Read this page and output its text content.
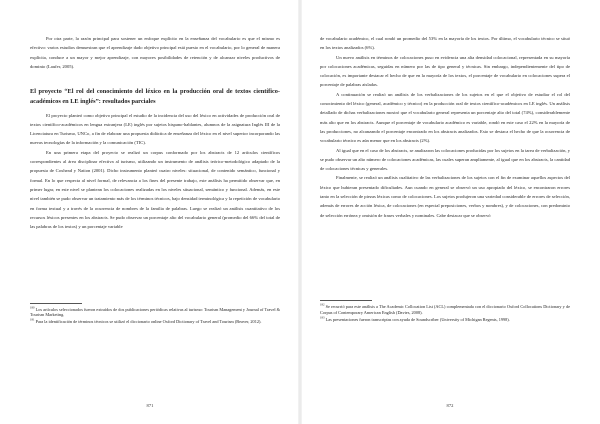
Por otra parte, la razón principal para sostener un enfoque explícito en la enseñanza del vocabulario es que el mismo es efectivo: varios estudios demuestran que el aprendizaje dado objetivo principal está puesto en el vocabulario, por lo general de manera explícita, conduce a un mayor y mejor aprendizaje, con mayores posibilidades de retención y de alcanzar niveles productivos de dominio (Laufer, 2005).

El proyecto “El rol del conocimiento del léxico en la producción oral de textos científico-académicos en LE inglés”: resultados parciales

El proyecto planteó como objetivo principal el estudio de la incidencia del uso del léxico en actividades de producción oral de textos científico-académicos en lengua extranjera (LE) inglés por sujetos hispano-hablantes, alumnos de la asignatura Inglés III de la Licenciatura en Turismo, UNCo, a fin de elaborar una propuesta didáctica de enseñanza del léxico en el nivel superior incorporando las nuevas tecnologías de la información y la comunicación (TIC).

En una primera etapa del proyecto se realizó un corpus conformado por los abstracts de 12 artículos científicos correspondientes al área disciplinar efectiva al turismo, utilizando un instrumento de análisis teórico-metodológico adaptado de la propuesta de Coxhead y Nation (2001). Dicho instrumento planteó cuatro niveles: situacional, de contenido semántico, funcional y formal. En lo que respecta al nivel formal, de relevancia a los fines del presente trabajo, este análisis ha permitido observar que, en primer lugar, en este nivel se plantean los colocaciones realizadas en los niveles situacional, semántico y funcional. Además, en este nivel también se pudo observar un tratamiento más de los términos técnicos, bajo densidad terminológica y la repetición de vocabulario en forma textual y a través de la ocurrencia de nombres de la familia de palabras. Luego se realizó un análisis cuantitativo de los recursos léxicos presentes en los abstracts. Se pudo observar un porcentaje alto del vocabulario general (promedio del 66% del total de las palabras de los textos) y un porcentaje variable

$^{180}$ Los artículos seleccionados fueron extraídos de dos publicaciones periódicas relativas al turismo: Tourism Management y Journal of Travel & Tourism Marketing.

$^{181}$ Para la identificación de términos técnicos se utilizó el diccionario online Oxford Dictionary of Travel and Tourism (Beaver, 2012).

871

de vocabulario académico, el cual rondó un promedio del 53% en la mayoría de los textos. Por último, el vocabulario técnico se situó en los textos analizados (6%).

Un nuevo análisis en términos de colocaciones puso en evidencia una alta densidad colocacional, representada en su mayoría por colocaciones académicas, seguidas en número por las de tipo general y técnicas. Sin embargo, independientemente del tipo de colocación, es importante destacar el hecho de que en la mayoría de los textos, el porcentaje de vocabulario en colocaciones supera el porcentaje de palabras aisladas.

A continuación se realizó un análisis de los verbalizaciones de los sujetos en el que el objetivo de estudiar el rol del conocimiento del léxico (general, académico y técnico) en la producción oral de textos científico-académicos en LE inglés. Un análisis detallado de dichas verbalizaciones mostró que el vocabulario general representa un porcentaje alto del total (74%), considerablemente más alto que en los abstracts. Aunque el porcentaje de vocabulario académico es variable, rondó en este caso el 22% en la mayoría de las producciones, no alcanzando el porcentaje encontrado en los abstracts analizados. Esto se destaca el hecho de que la ocurrencia de vocabulario técnico es aún menor que en los abstracts (2%).

Al igual que en el caso de los abstracts, se analizaron las colocaciones producidas por los sujetos en la tarea de verbalización, y se pudo observar un alto número de colocaciones académicas, las cuales superan ampliamente, al igual que en los abstracts, la cantidad de colocaciones técnicas y generales.

Finalmente, se realizó un análisis cualitativo de las verbalizaciones de los sujetos con el fin de examinar aquellos aspectos del léxico que hubieran presentado dificultades. Aun cuando en general se observó un uso apropiado del léxico, se encontraron errores tanto en la selección de piezas léxicas como de colocaciones. Los sujetos produjeron una variedad considerable de errores de selección, además de errores de acción léxica, de colocaciones (en especial preposiciones, verbos y nombres), y de colocaciones, con predominio de selección errónea y omisión de frases verbales y nominales. Cabe destacar que se observó

$^{182}$ Se recurrió para este análisis a The Academic Collocation List (ACL) complementada con el diccionario Oxford Collocations Dictionary y de Corpus of Contemporary American English (Davies, 2008).

$^{183}$ Las presentaciones fueron transcriptas con ayuda de Soundscriber (University of Michigan Regents, 1998).

872
